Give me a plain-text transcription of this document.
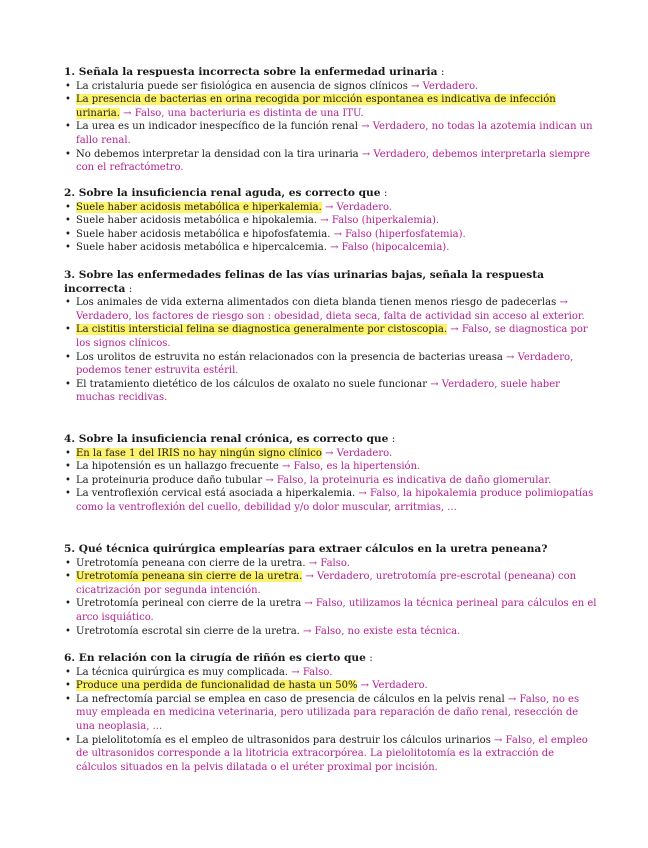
1. Señala la respuesta incorrecta sobre la enfermedad urinaria :

• La cristaluria puede ser fisiológica en ausencia de signos clínicos → Verdadero.
• La presencia de bacterias en orina recogida por micción espontanea es indicativa de infección urinaria. → Falso, una bacteriuria es distinta de una ITU.
• La urea es un indicador inespecífico de la función renal → Verdadero, no todas la azotemia indican un fallo renal.
• No debemos interpretar la densidad con la tira urinaria → Verdadero, debemos interpretarla siempre con el refractómetro.

2. Sobre la insuficiencia renal aguda, es correcto que :

• Suele haber acidosis metabólica e hiperkalemia. → Verdadero.
• Suele haber acidosis metabólica e hipokalemia. → Falso (hiperkalemia).
• Suele haber acidosis metabólica e hipofosfatemia. → Falso (hiperfosfatemia).
• Suele haber acidosis metabólica e hipercalcemia. → Falso (hipocalcemia).

3. Sobre las enfermedades felinas de las vías urinarias bajas, señala la respuesta incorrecta :

• Los animales de vida externa alimentados con dieta blanda tienen menos riesgo de padecerlas → Verdadero, los factores de riesgo son : obesidad, dieta seca, falta de actividad sin acceso al exterior.
• La cistitis intersticial felina se diagnostica generalmente por cistoscopia. → Falso, se diagnostica por los signos clínicos.
• Los urolitos de estruvita no están relacionados con la presencia de bacterias ureasa → Verdadero, podemos tener estruvita estéril.
• El tratamiento dietético de los cálculos de oxalato no suele funcionar → Verdadero, suele haber muchas recidivas.

4. Sobre la insuficiencia renal crónica, es correcto que :

• En la fase 1 del IRIS no hay ningún signo clínico → Verdadero.
• La hipotensión es un hallazgo frecuente → Falso, es la hipertensión.
• La proteinuria produce daño tubular → Falso, la proteinuria es indicativa de daño glomerular.
• La ventroflexión cervical está asociada a hiperkalemia. → Falso, la hipokalemia produce polimiopatías como la ventroflexión del cuello, debilidad y/o dolor muscular, arritmias, ...

5. Qué técnica quirúrgica emplearías para extraer cálculos en la uretra peneana?

• Uretrotomía peneana con cierre de la uretra. → Falso.
• Uretrotomía peneana sin cierre de la uretra. → Verdadero, uretrotomía pre-escrotal (peneana) con cicatrización por segunda intención.
• Uretrotomía perineal con cierre de la uretra → Falso, utilizamos la técnica perineal para cálculos en el arco isquiático.
• Uretrotomía escrotal sin cierre de la uretra. → Falso, no existe esta técnica.

6. En relación con la cirugía de riñón es cierto que :

• La técnica quirúrgica es muy complicada. → Falso.
• Produce una perdida de funcionalidad de hasta un 50% → Verdadero.
• La nefrectomía parcial se emplea en caso de presencia de cálculos en la pelvis renal → Falso, no es muy empleada en medicina veterinaria, pero utilizada para reparación de daño renal, resección de una neoplasia, ...
• La pielolitotomía es el empleo de ultrasonidos para destruir los cálculos urinarios → Falso, el empleo de ultrasonidos corresponde a la litotricia extracorpórea. La pielolitotomía es la extracción de cálculos situados en la pelvis dilatada o el uréter proximal por incisión.
